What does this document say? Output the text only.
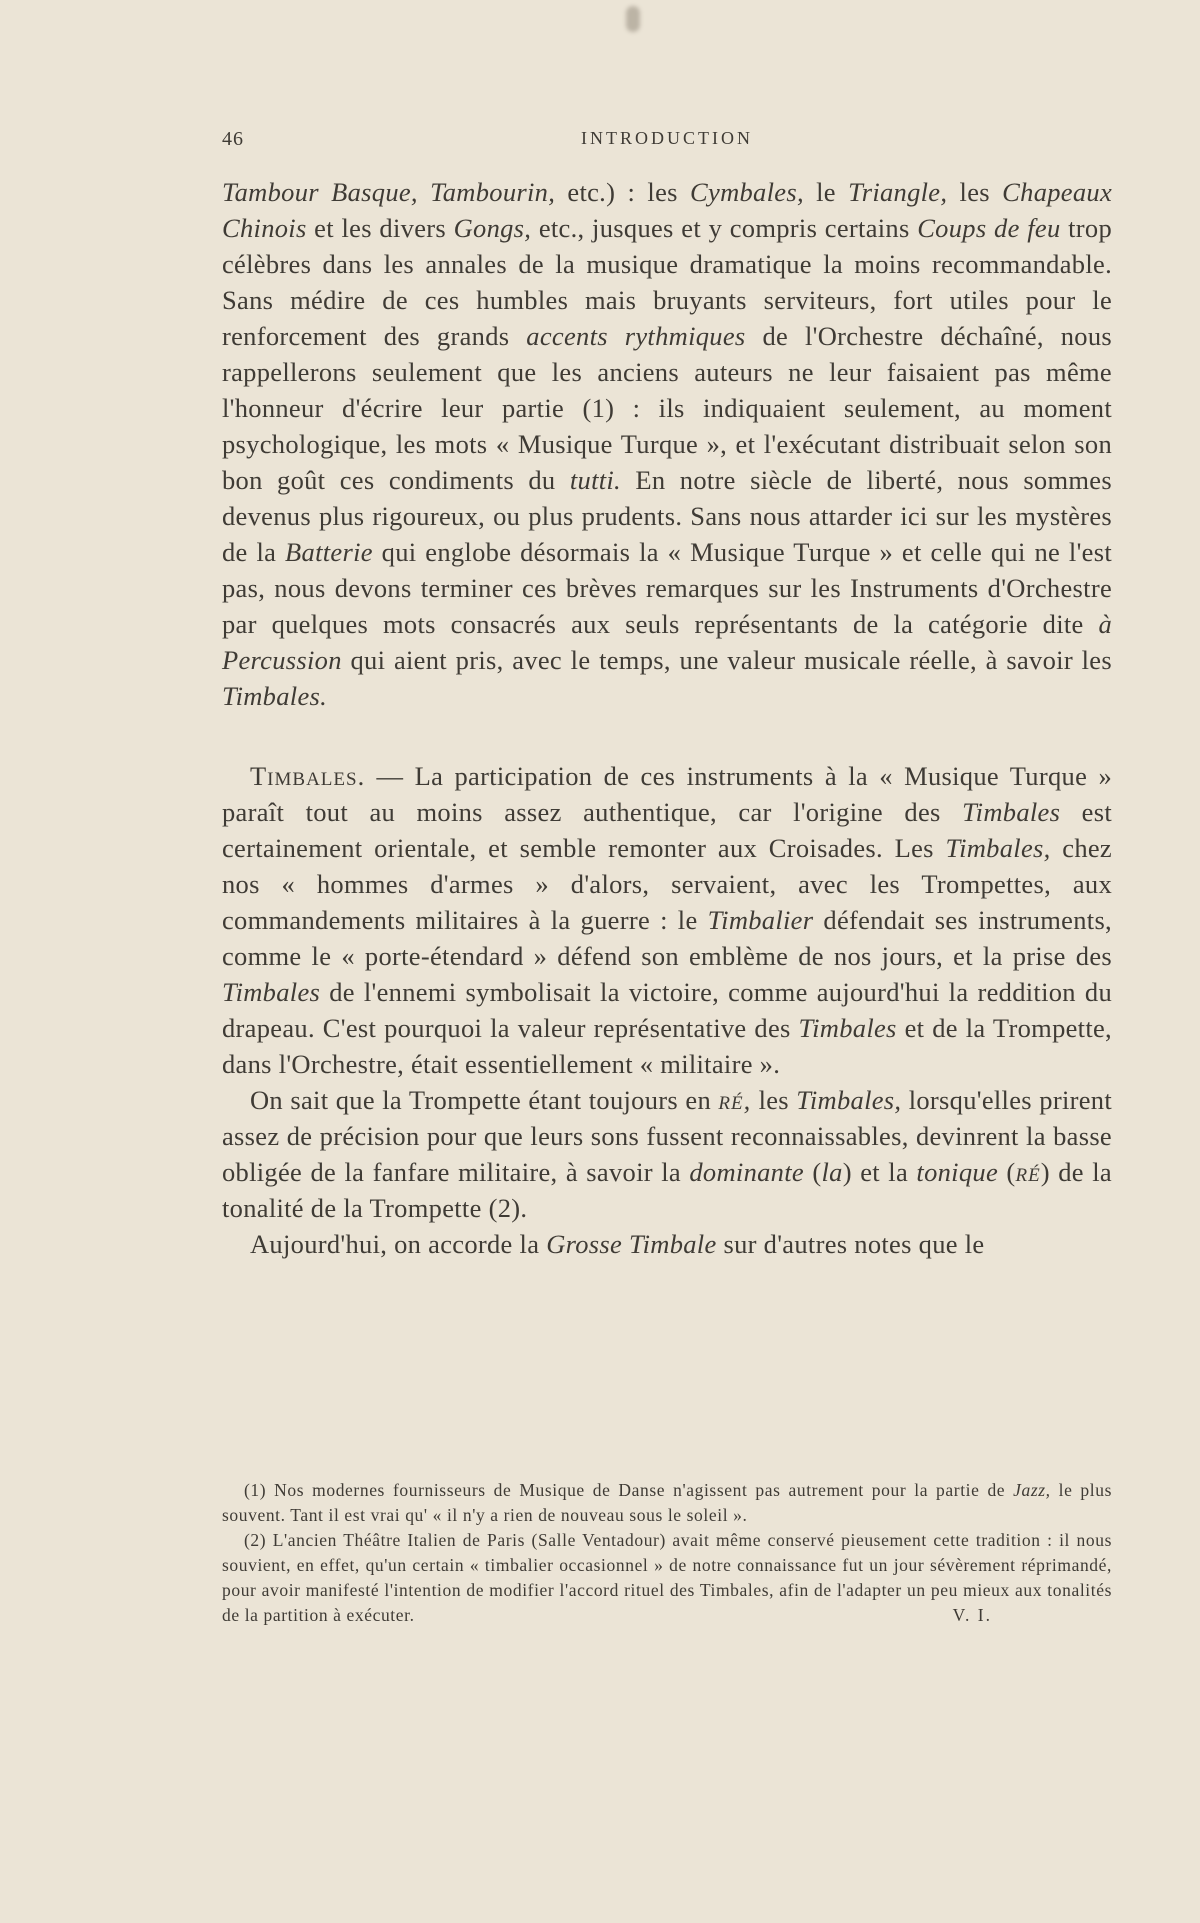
46	INTRODUCTION

Tambour Basque, Tambourin, etc.) : les Cymbales, le Triangle, les Chapeaux Chinois et les divers Gongs, etc., jusques et y compris certains Coups de feu trop célèbres dans les annales de la musique dramatique la moins recommandable. Sans médire de ces humbles mais bruyants serviteurs, fort utiles pour le renforcement des grands accents rythmiques de l'Orchestre déchaîné, nous rappellerons seulement que les anciens auteurs ne leur faisaient pas même l'honneur d'écrire leur partie (1) : ils indiquaient seulement, au moment psychologique, les mots « Musique Turque », et l'exécutant distribuait selon son bon goût ces condiments du tutti. En notre siècle de liberté, nous sommes devenus plus rigoureux, ou plus prudents. Sans nous attarder ici sur les mystères de la Batterie qui englobe désormais la « Musique Turque » et celle qui ne l'est pas, nous devons terminer ces brèves remarques sur les Instruments d'Orchestre par quelques mots consacrés aux seuls représentants de la catégorie dite à Percussion qui aient pris, avec le temps, une valeur musicale réelle, à savoir les Timbales.

Timbales. — La participation de ces instruments à la « Musique Turque » paraît tout au moins assez authentique, car l'origine des Timbales est certainement orientale, et semble remonter aux Croisades. Les Timbales, chez nos « hommes d'armes » d'alors, servaient, avec les Trompettes, aux commandements militaires à la guerre : le Timbalier défendait ses instruments, comme le « porte-étendard » défend son emblème de nos jours, et la prise des Timbales de l'ennemi symbolisait la victoire, comme aujourd'hui la reddition du drapeau. C'est pourquoi la valeur représentative des Timbales et de la Trompette, dans l'Orchestre, était essentiellement « militaire ».

On sait que la Trompette étant toujours en ré, les Timbales, lorsqu'elles prirent assez de précision pour que leurs sons fussent reconnaissables, devinrent la basse obligée de la fanfare militaire, à savoir la dominante (la) et la tonique (ré) de la tonalité de la Trompette (2).

Aujourd'hui, on accorde la Grosse Timbale sur d'autres notes que le

(1) Nos modernes fournisseurs de Musique de Danse n'agissent pas autrement pour la partie de Jazz, le plus souvent. Tant il est vrai qu' « il n'y a rien de nouveau sous le soleil ».

(2) L'ancien Théâtre Italien de Paris (Salle Ventadour) avait même conservé pieusement cette tradition : il nous souvient, en effet, qu'un certain « timbalier occasionnel » de notre connaissance fut un jour sévèrement réprimandé, pour avoir manifesté l'intention de modifier l'accord rituel des Timbales, afin de l'adapter un peu mieux aux tonalités de la partition à exécuter.	V. I.
